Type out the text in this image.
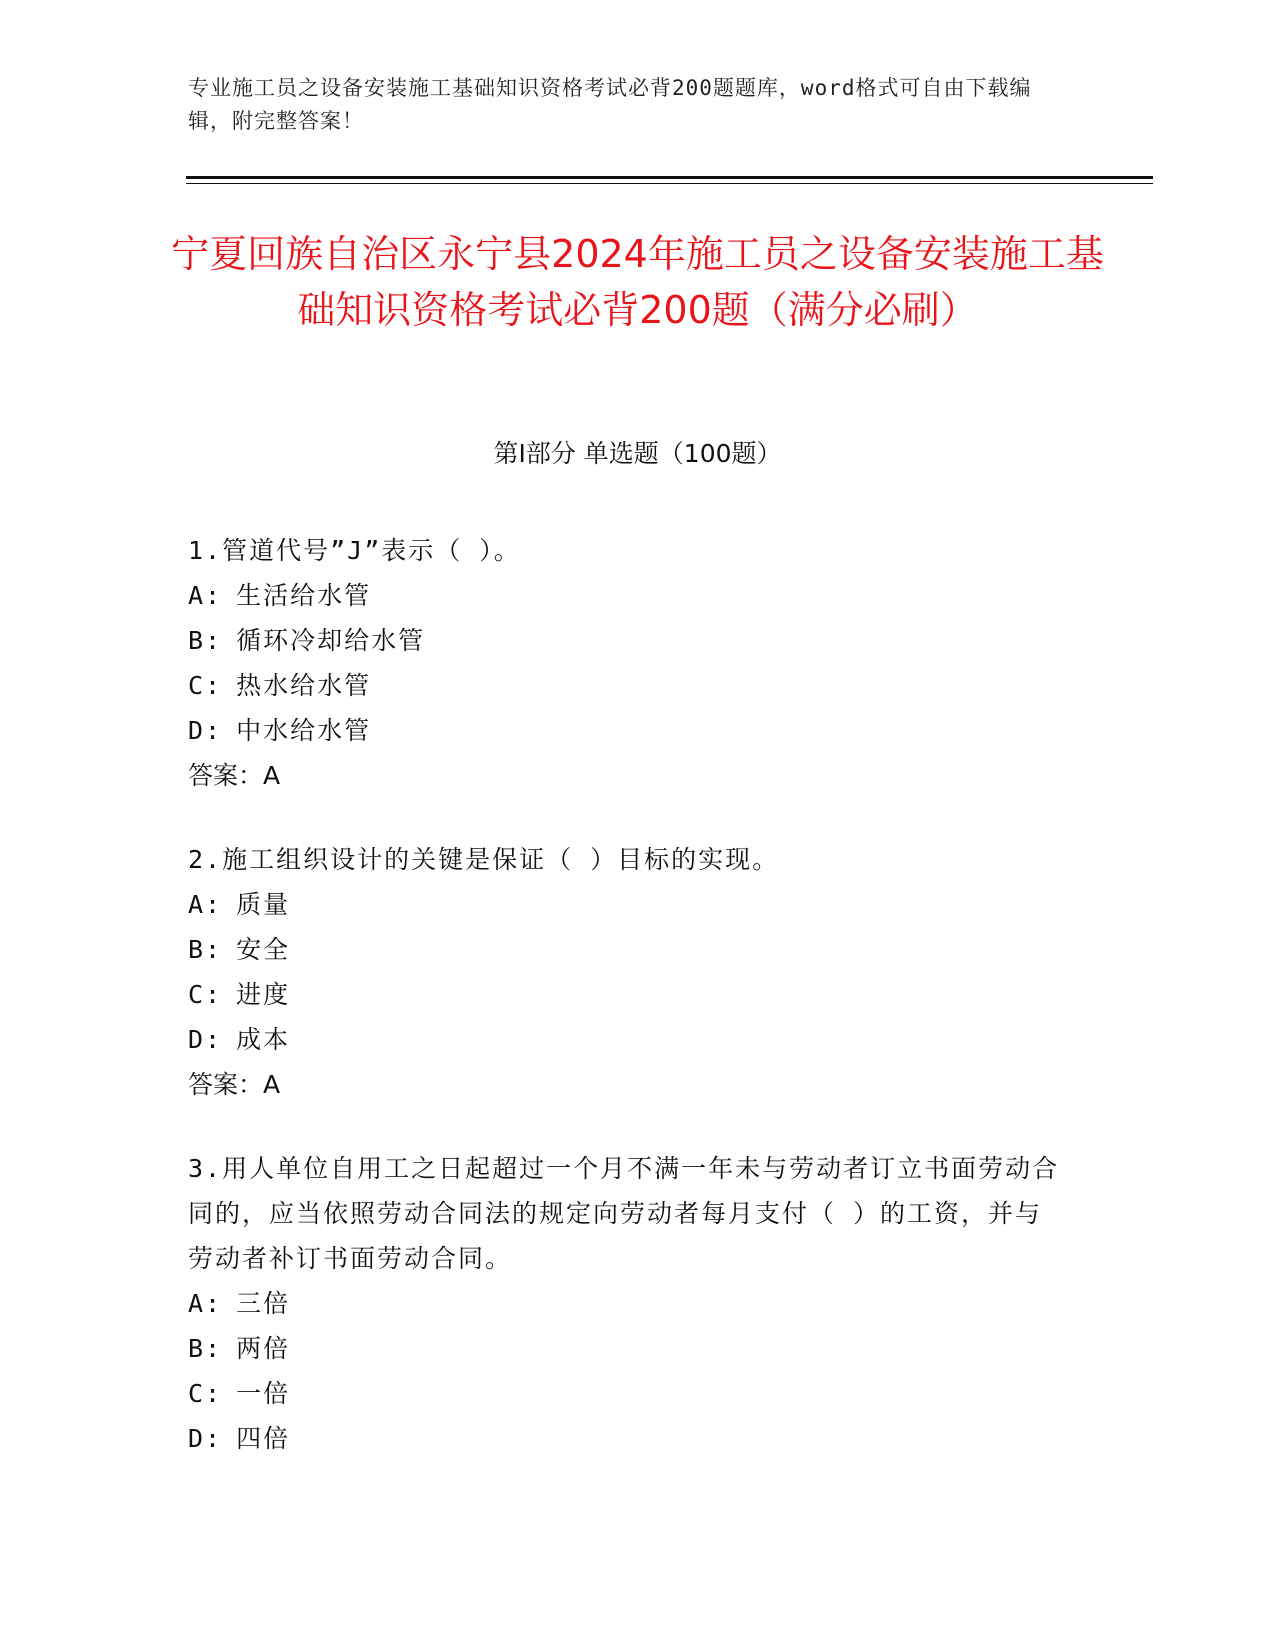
专业施工员之设备安装施工基础知识资格考试必背200题题库，word格式可自由下载编辑，附完整答案！
宁夏回族自治区永宁县2024年施工员之设备安装施工基础知识资格考试必背200题（满分必刷）
第I部分 单选题（100题）
1.管道代号”J”表示（ ）。
A: 生活给水管
B: 循环冷却给水管
C: 热水给水管
D: 中水给水管
答案：A
2.施工组织设计的关键是保证（ ）目标的实现。
A: 质量
B: 安全
C: 进度
D: 成本
答案：A
3.用人单位自用工之日起超过一个月不满一年未与劳动者订立书面劳动合同的，应当依照劳动合同法的规定向劳动者每月支付（ ）的工资，并与劳动者补订书面劳动合同。
A: 三倍
B: 两倍
C: 一倍
D: 四倍
